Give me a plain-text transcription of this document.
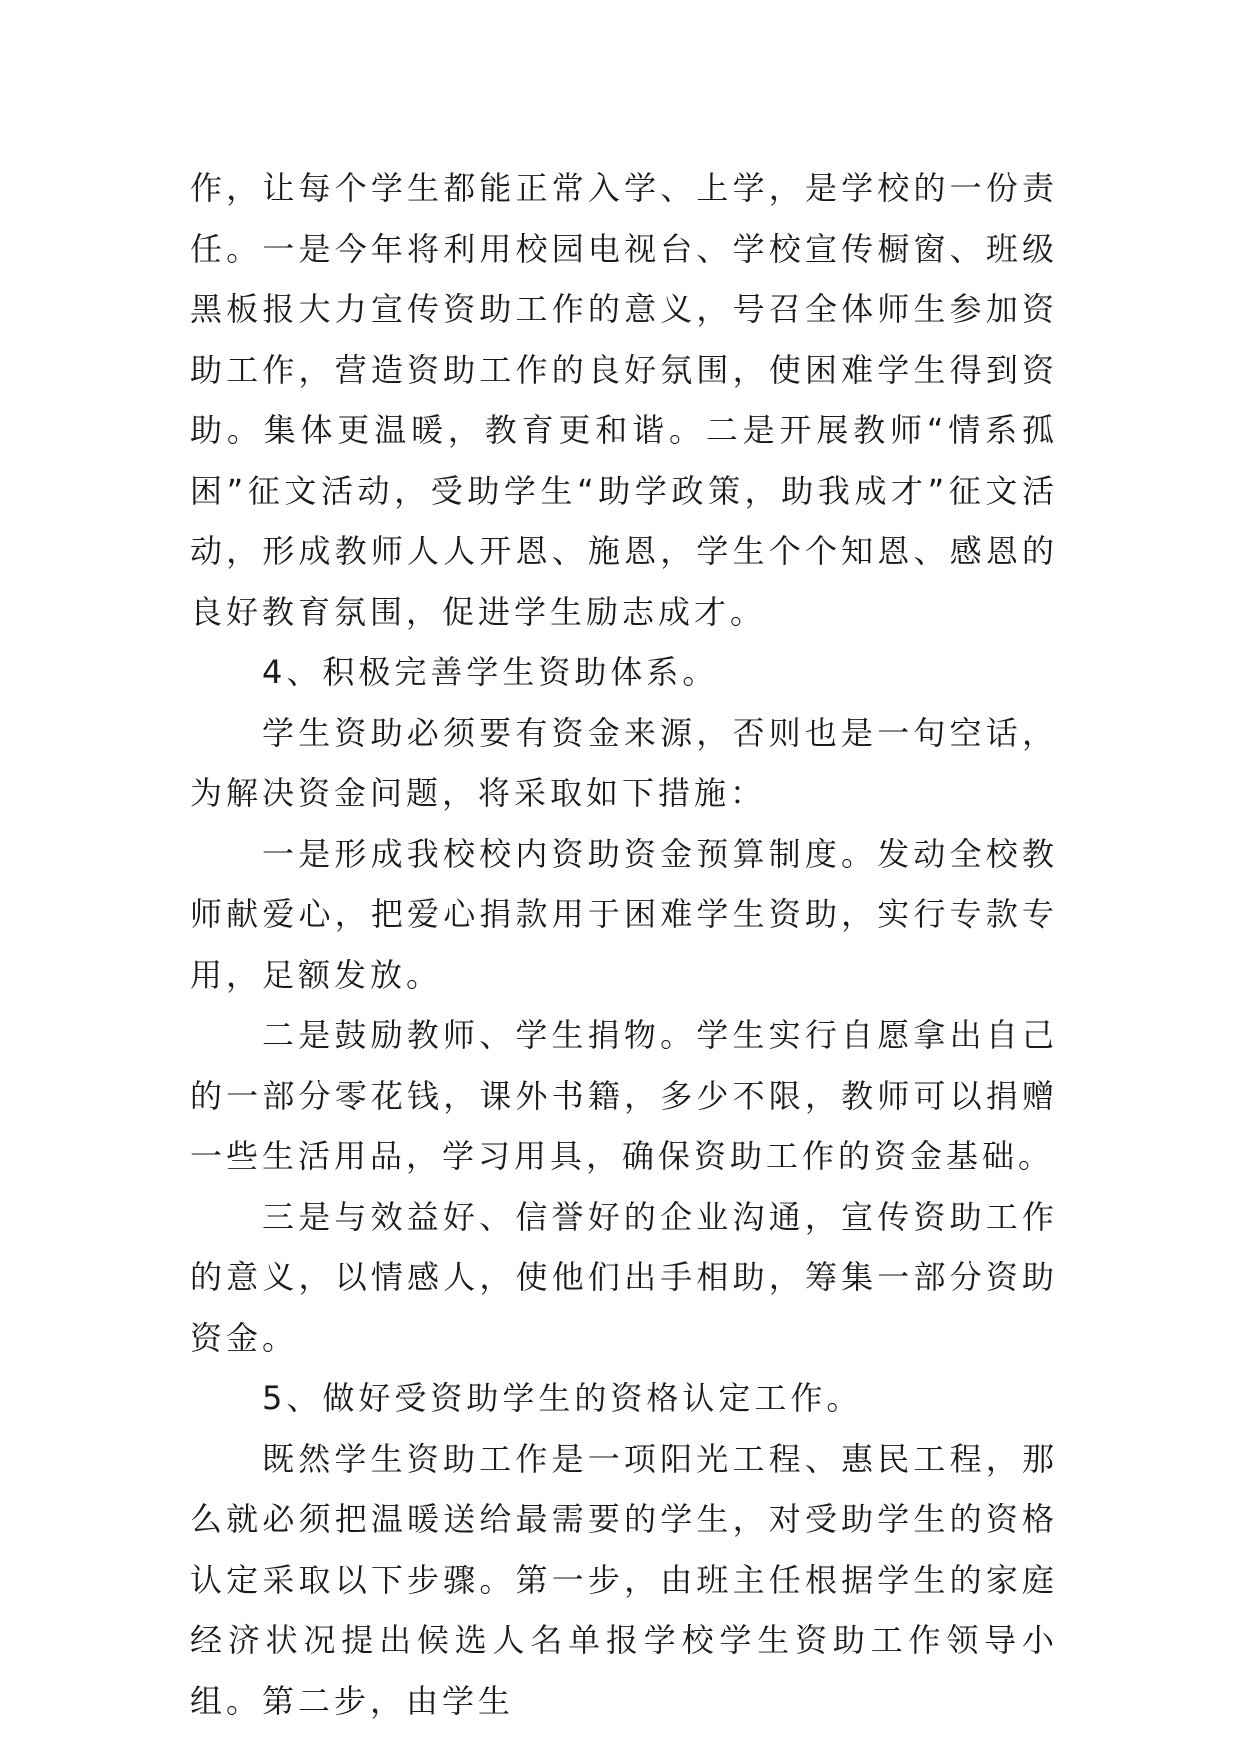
作，让每个学生都能正常入学、上学，是学校的一份责任。一是今年将利用校园电视台、学校宣传橱窗、班级黑板报大力宣传资助工作的意义，号召全体师生参加资助工作，营造资助工作的良好氛围，使困难学生得到资助。集体更温暖，教育更和谐。二是开展教师“情系孤困”征文活动，受助学生“助学政策，助我成才”征文活动，形成教师人人开恩、施恩，学生个个知恩、感恩的良好教育氛围，促进学生励志成才。

4、积极完善学生资助体系。

学生资助必须要有资金来源，否则也是一句空话，为解决资金问题，将采取如下措施：

一是形成我校校内资助资金预算制度。发动全校教师献爱心，把爱心捐款用于困难学生资助，实行专款专用，足额发放。

二是鼓励教师、学生捐物。学生实行自愿拿出自己的一部分零花钱，课外书籍，多少不限，教师可以捐赠一些生活用品，学习用具，确保资助工作的资金基础。

三是与效益好、信誉好的企业沟通，宣传资助工作的意义，以情感人，使他们出手相助，筹集一部分资助资金。

5、做好受资助学生的资格认定工作。

既然学生资助工作是一项阳光工程、惠民工程，那么就必须把温暖送给最需要的学生，对受助学生的资格认定采取以下步骤。第一步，由班主任根据学生的家庭经济状况提出候选人名单报学校学生资助工作领导小组。第二步，由学生
